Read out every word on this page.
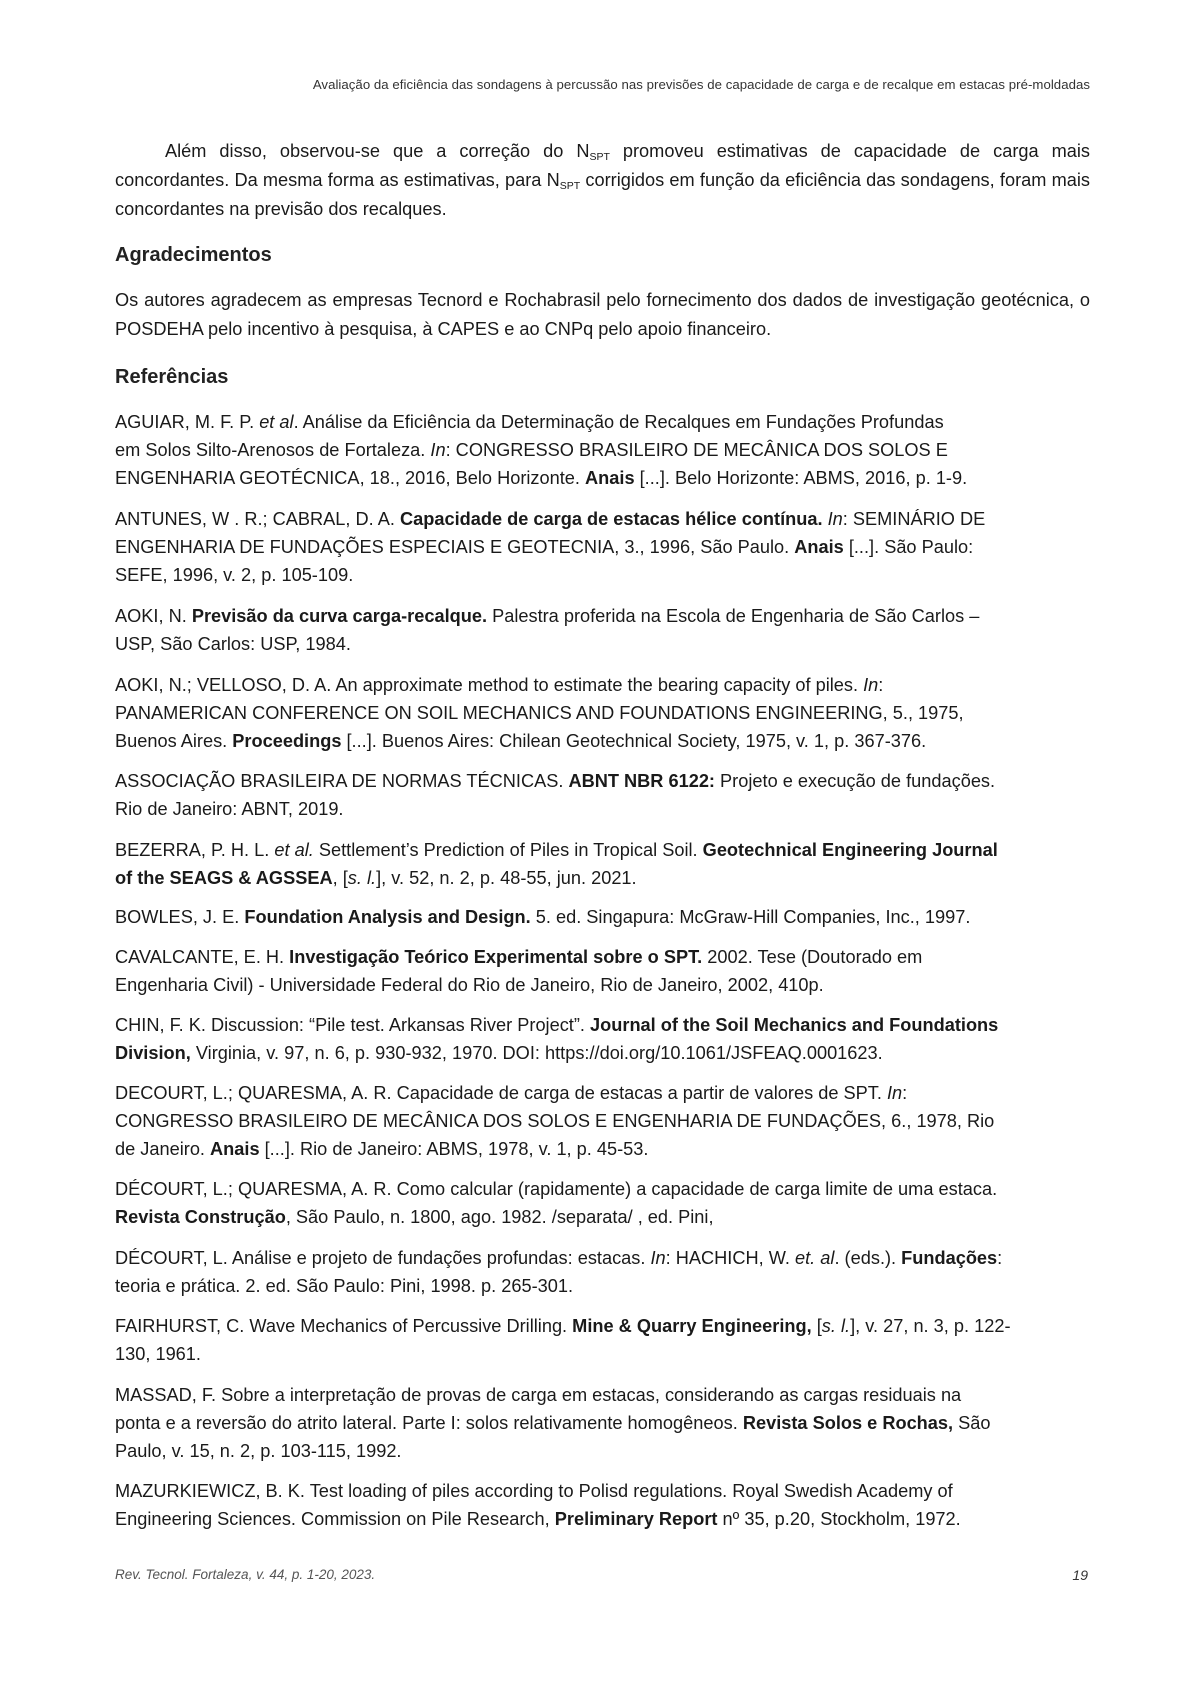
Avaliação da eficiência das sondagens à percussão nas previsões de capacidade de carga e de recalque em estacas pré-moldadas
Além disso, observou-se que a correção do $N_{SPT}$ promoveu estimativas de capacidade de carga mais concordantes. Da mesma forma as estimativas, para $N_{SPT}$ corrigidos em função da eficiência das sondagens, foram mais concordantes na previsão dos recalques.
Agradecimentos
Os autores agradecem as empresas Tecnord e Rochabrasil pelo fornecimento dos dados de investigação geotécnica, o POSDEHA pelo incentivo à pesquisa, à CAPES e ao CNPq pelo apoio financeiro.
Referências
AGUIAR, M. F. P. et al. Análise da Eficiência da Determinação de Recalques em Fundações Profundas
em Solos Silto-Arenosos de Fortaleza. In: CONGRESSO BRASILEIRO DE MECÂNICA DOS SOLOS E
ENGENHARIA GEOTÉCNICA, 18., 2016, Belo Horizonte. Anais [...]. Belo Horizonte: ABMS, 2016, p. 1-9.
ANTUNES, W . R.; CABRAL, D. A. Capacidade de carga de estacas hélice contínua. In: SEMINÁRIO DE
ENGENHARIA DE FUNDAÇÕES ESPECIAIS E GEOTECNIA, 3., 1996, São Paulo. Anais [...]. São Paulo:
SEFE, 1996, v. 2, p. 105-109.
AOKI, N. Previsão da curva carga-recalque. Palestra proferida na Escola de Engenharia de São Carlos –
USP, São Carlos: USP, 1984.
AOKI, N.; VELLOSO, D. A. An approximate method to estimate the bearing capacity of piles. In:
PANAMERICAN CONFERENCE ON SOIL MECHANICS AND FOUNDATIONS ENGINEERING, 5., 1975,
Buenos Aires. Proceedings [...]. Buenos Aires: Chilean Geotechnical Society, 1975, v. 1, p. 367-376.
ASSOCIAÇÃO BRASILEIRA DE NORMAS TÉCNICAS. ABNT NBR 6122: Projeto e execução de fundações.
Rio de Janeiro: ABNT, 2019.
BEZERRA, P. H. L. et al. Settlement’s Prediction of Piles in Tropical Soil. Geotechnical Engineering Journal
of the SEAGS & AGSSEA, [s. l.], v. 52, n. 2, p. 48-55, jun. 2021.
BOWLES, J. E. Foundation Analysis and Design. 5. ed. Singapura: McGraw-Hill Companies, Inc., 1997.
CAVALCANTE, E. H. Investigação Teórico Experimental sobre o SPT. 2002. Tese (Doutorado em
Engenharia Civil) - Universidade Federal do Rio de Janeiro, Rio de Janeiro, 2002, 410p.
CHIN, F. K. Discussion: “Pile test. Arkansas River Project”. Journal of the Soil Mechanics and Foundations
Division, Virginia, v. 97, n. 6, p. 930-932, 1970. DOI: https://doi.org/10.1061/JSFEAQ.0001623.
DECOURT, L.; QUARESMA, A. R. Capacidade de carga de estacas a partir de valores de SPT. In:
CONGRESSO BRASILEIRO DE MECÂNICA DOS SOLOS E ENGENHARIA DE FUNDAÇÕES, 6., 1978, Rio
de Janeiro. Anais [...]. Rio de Janeiro: ABMS, 1978, v. 1, p. 45-53.
DÉCOURT, L.; QUARESMA, A. R. Como calcular (rapidamente) a capacidade de carga limite de uma estaca.
Revista Construção, São Paulo, n. 1800, ago. 1982. /separata/ , ed. Pini,
DÉCOURT, L. Análise e projeto de fundações profundas: estacas. In: HACHICH, W. et. al. (eds.). Fundações:
teoria e prática. 2. ed. São Paulo: Pini, 1998. p. 265-301.
FAIRHURST, C. Wave Mechanics of Percussive Drilling. Mine & Quarry Engineering, [s. l.], v. 27, n. 3, p. 122-
130, 1961.
MASSAD, F. Sobre a interpretação de provas de carga em estacas, considerando as cargas residuais na
ponta e a reversão do atrito lateral. Parte I: solos relativamente homogêneos. Revista Solos e Rochas, São
Paulo, v. 15, n. 2, p. 103-115, 1992.
MAZURKIEWICZ, B. K. Test loading of piles according to Polisd regulations. Royal Swedish Academy of
Engineering Sciences. Commission on Pile Research, Preliminary Report nº 35, p.20, Stockholm, 1972.
Rev. Tecnol. Fortaleza, v. 44, p. 1-20, 2023.	19
